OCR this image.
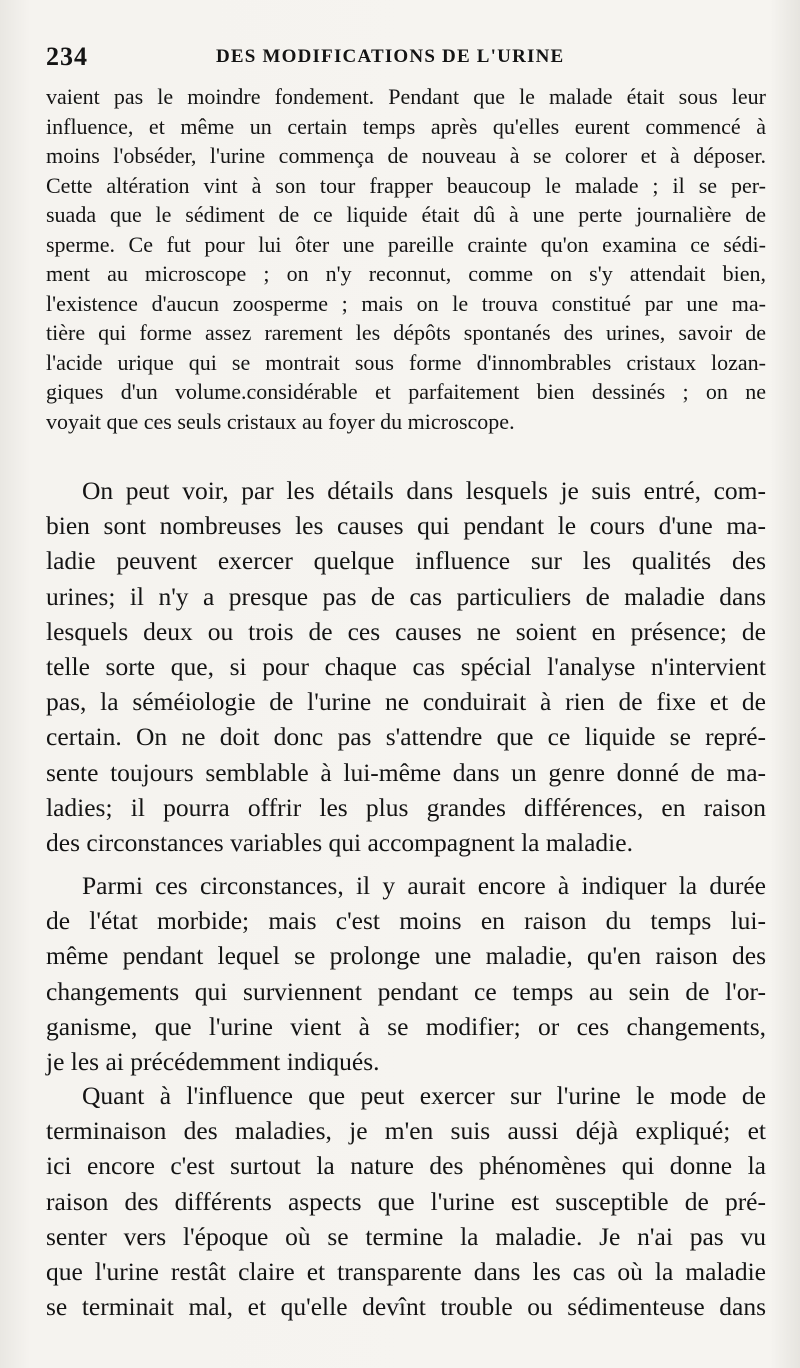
234	DES MODIFICATIONS DE L'URINE
vaient pas le moindre fondement. Pendant que le malade était sous leur
influence, et même un certain temps après qu'elles eurent commencé à
moins l'obséder, l'urine commença de nouveau à se colorer et à déposer.
Cette altération vint à son tour frapper beaucoup le malade ; il se per-
suada que le sédiment de ce liquide était dû à une perte journalière de
sperme. Ce fut pour lui ôter une pareille crainte qu'on examina ce sédi-
ment au microscope ; on n'y reconnut, comme on s'y attendait bien,
l'existence d'aucun zoosperme ; mais on le trouva constitué par une ma-
tière qui forme assez rarement les dépôts spontanés des urines, savoir de
l'acide urique qui se montrait sous forme d'innombrables cristaux lozan-
giques d'un volume.considérable et parfaitement bien dessinés ; on ne
voyait que ces seuls cristaux au foyer du microscope.
On peut voir, par les détails dans lesquels je suis entré, com-
bien sont nombreuses les causes qui pendant le cours d'une ma-
ladie peuvent exercer quelque influence sur les qualités des
urines; il n'y a presque pas de cas particuliers de maladie dans
lesquels deux ou trois de ces causes ne soient en présence; de
telle sorte que, si pour chaque cas spécial l'analyse n'intervient
pas, la séméiologie de l'urine ne conduirait à rien de fixe et de
certain. On ne doit donc pas s'attendre que ce liquide se repré-
sente toujours semblable à lui-même dans un genre donné de ma-
ladies; il pourra offrir les plus grandes différences, en raison
des circonstances variables qui accompagnent la maladie.
Parmi ces circonstances, il y aurait encore à indiquer la durée
de l'état morbide; mais c'est moins en raison du temps lui-
même pendant lequel se prolonge une maladie, qu'en raison des
changements qui surviennent pendant ce temps au sein de l'or-
ganisme, que l'urine vient à se modifier; or ces changements,
je les ai précédemment indiqués.
Quant à l'influence que peut exercer sur l'urine le mode de
terminaison des maladies, je m'en suis aussi déjà expliqué; et
ici encore c'est surtout la nature des phénomènes qui donne la
raison des différents aspects que l'urine est susceptible de pré-
senter vers l'époque où se termine la maladie. Je n'ai pas vu
que l'urine restât claire et transparente dans les cas où la maladie
se terminait mal, et qu'elle devînt trouble ou sédimenteuse dans
